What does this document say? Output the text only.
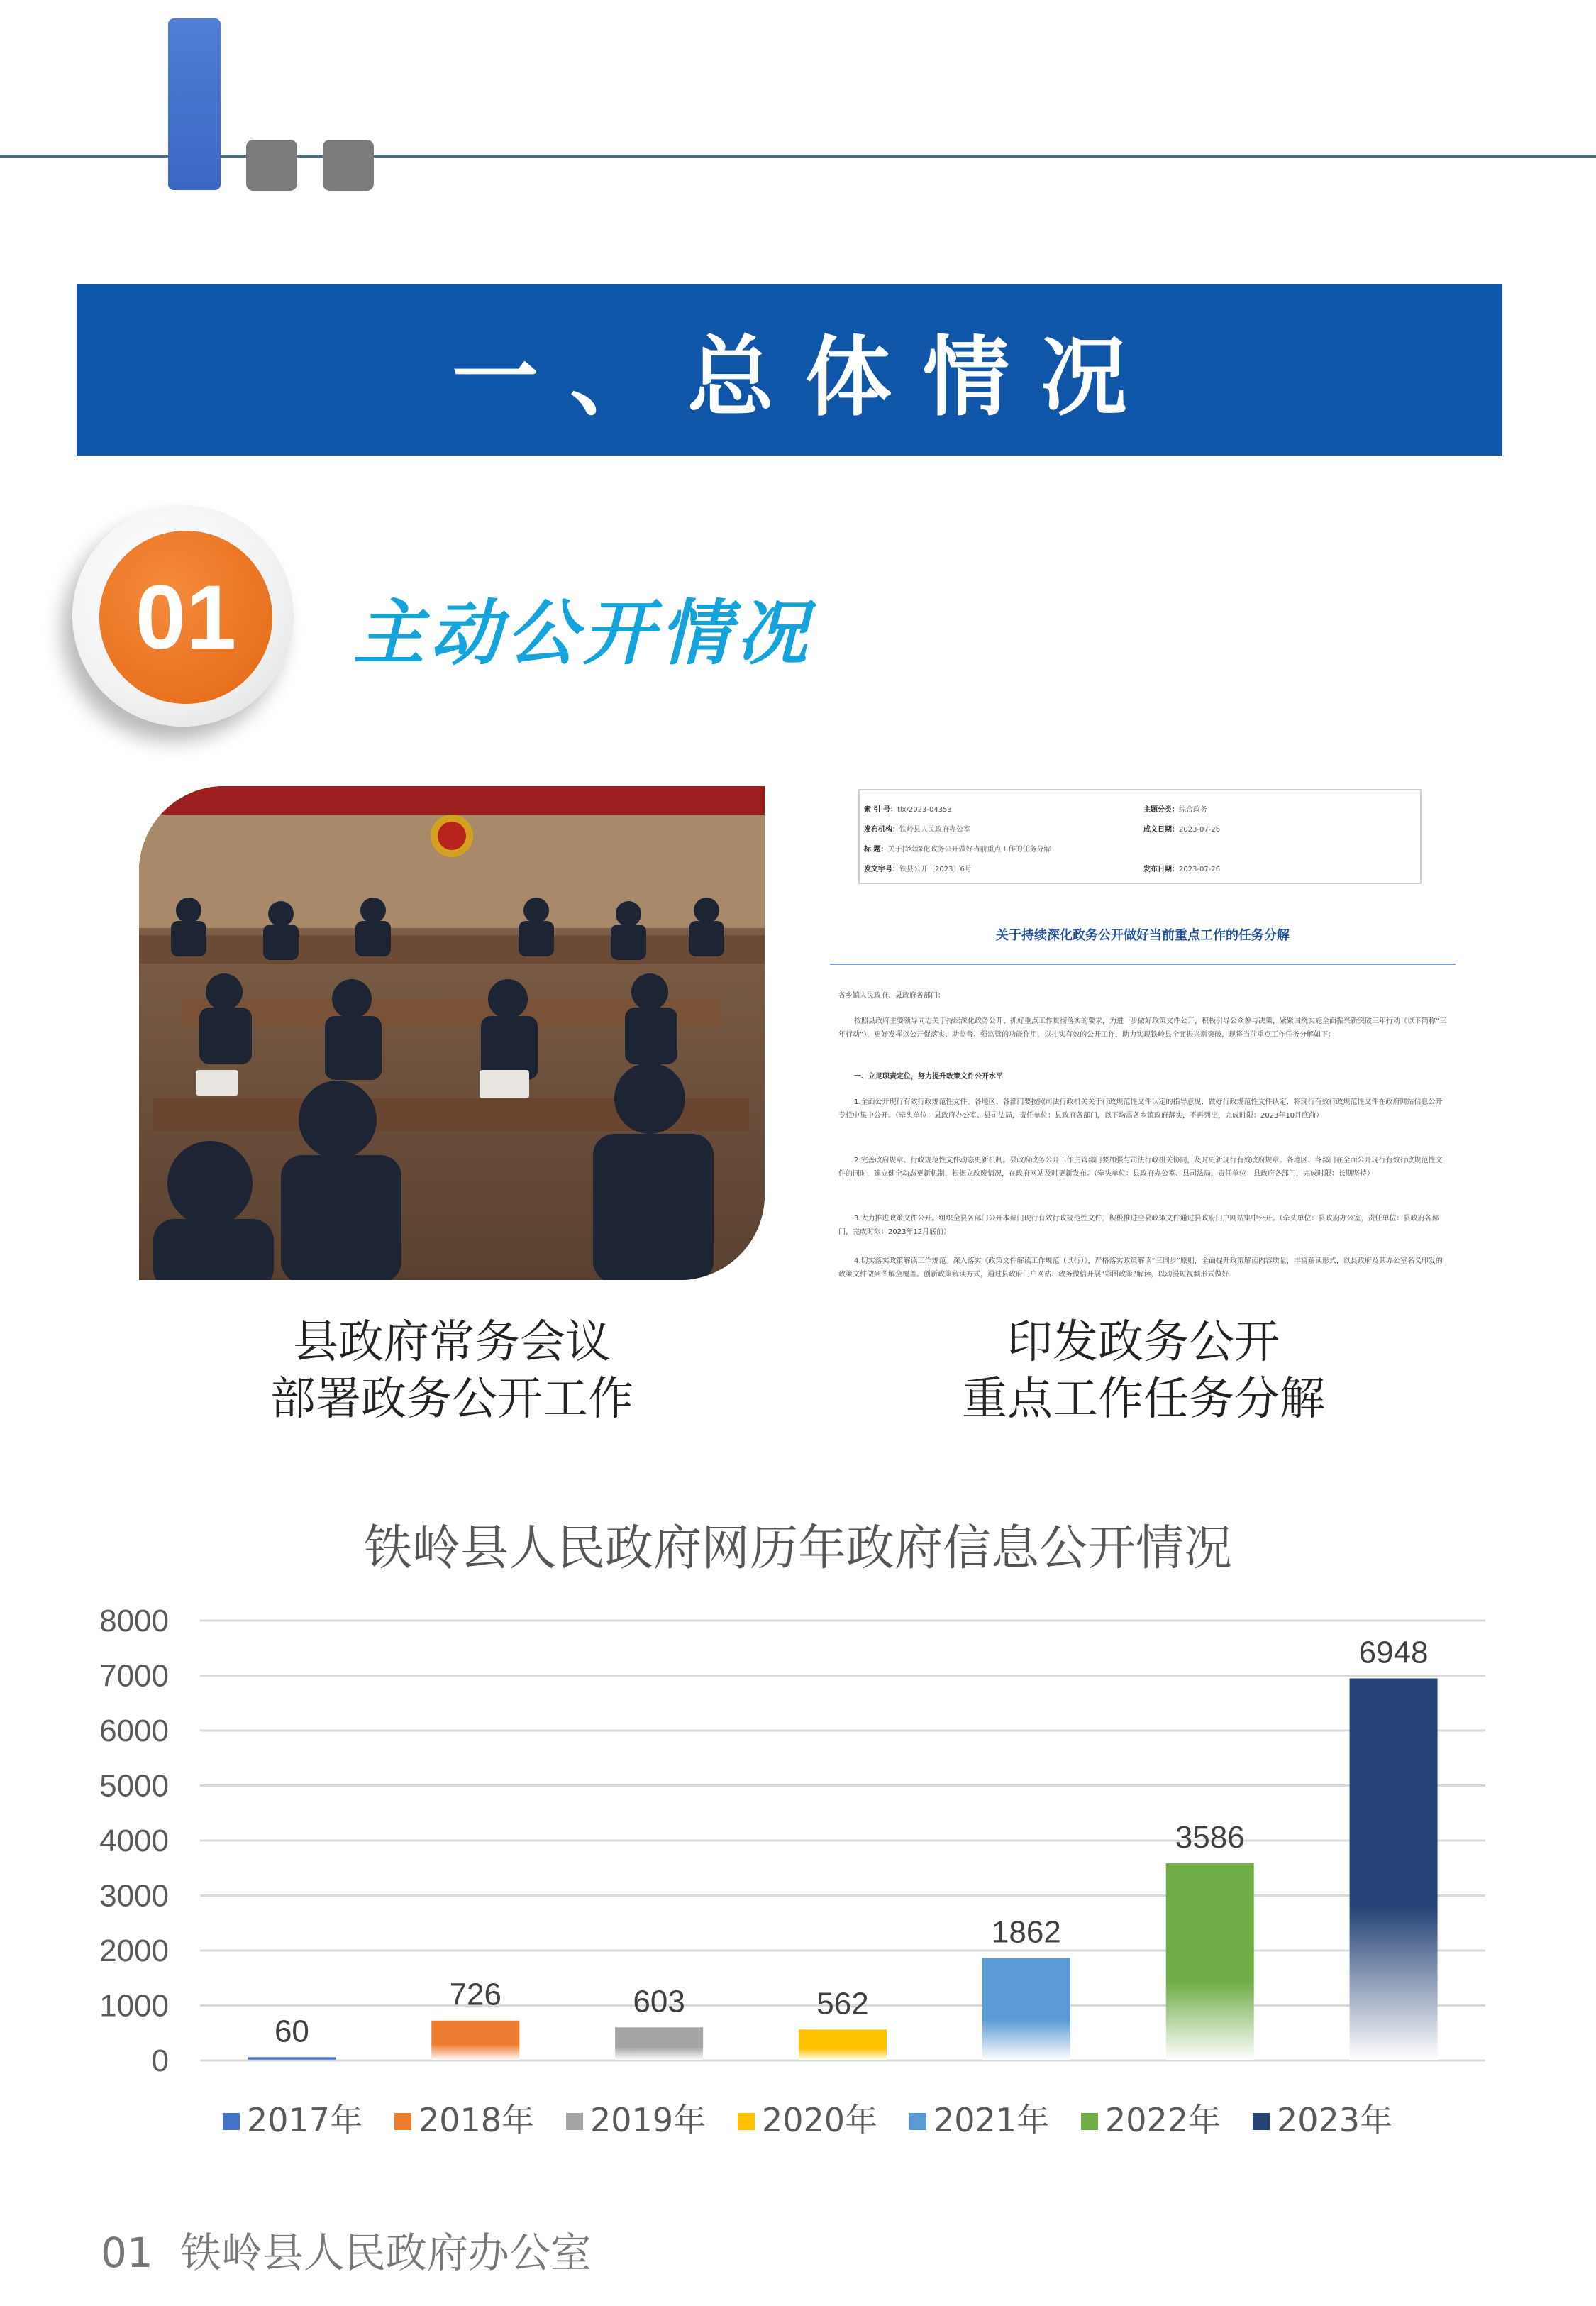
一、总体情况
01 主动公开情况
索 引 号：tlx/2023-04353	主题分类：综合政务
发布机构：铁岭县人民政府办公室	成文日期：2023-07-26
标 题：关于持续深化政务公开做好当前重点工作的任务分解
发文字号：铁县公开〔2023〕6号	发布日期：2023-07-26
关于持续深化政务公开做好当前重点工作的任务分解
各乡镇人民政府、县政府各部门：
按照县政府主要领导同志关于持续深化政务公开、抓好重点工作贯彻落实的要求，为进一步做好政策文件公开，积极引导公众参与决策，紧紧围绕实施全面振兴新突破三年行动（以下简称“三年行动”），更好发挥以公开促落实、助监督、强监管的功能作用，以扎实有效的公开工作，助力实现铁岭县全面振兴新突破，现将当前重点工作任务分解如下：
一、立足职责定位，努力提升政策文件公开水平
1.全面公开现行有效行政规范性文件。各地区、各部门要按照司法行政机关关于行政规范性文件认定的指导意见，做好行政规范性文件认定，将现行有效行政规范性文件在政府网站信息公开专栏中集中公开。（牵头单位：县政府办公室、县司法局，责任单位：县政府各部门，以下均需各乡镇政府落实，不再列出，完成时限：2023年10月底前）
2.完善政府规章、行政规范性文件动态更新机制。县政府政务公开工作主管部门要加强与司法行政机关协同，及时更新现行有效政府规章。各地区、各部门在全面公开现行有效行政规范性文件的同时，建立健全动态更新机制，根据立改废情况，在政府网站及时更新发布。（牵头单位：县政府办公室、县司法局，责任单位：县政府各部门，完成时限：长期坚持）
3.大力推进政策文件公开。组织全县各部门公开本部门现行有效行政规范性文件，积极推进全县政策文件通过县政府门户网站集中公开。（牵头单位：县政府办公室，责任单位：县政府各部门，完成时限：2023年12月底前）
4.切实落实政策解读工作规范。深入落实《政策文件解读工作规范（试行）》，严格落实政策解读“三同步”原则，全面提升政策解读内容质量，丰富解读形式，以县政府及其办公室名义印发的政策文件做到图解全覆盖。创新政策解读方式，通过县政府门户网站、政务微信开展“彩图政策”解读，以动漫短视频形式做好
县政府常务会议
部署政务公开工作
印发政务公开
重点工作任务分解
铁岭县人民政府网历年政府信息公开情况
0
1000
2000
3000
4000
5000
6000
7000
8000
60
726	603	562
1862
3586
6948
2017年 2018年 2019年 2020年 2021年 2022年 2023年
01 铁岭县人民政府办公室
